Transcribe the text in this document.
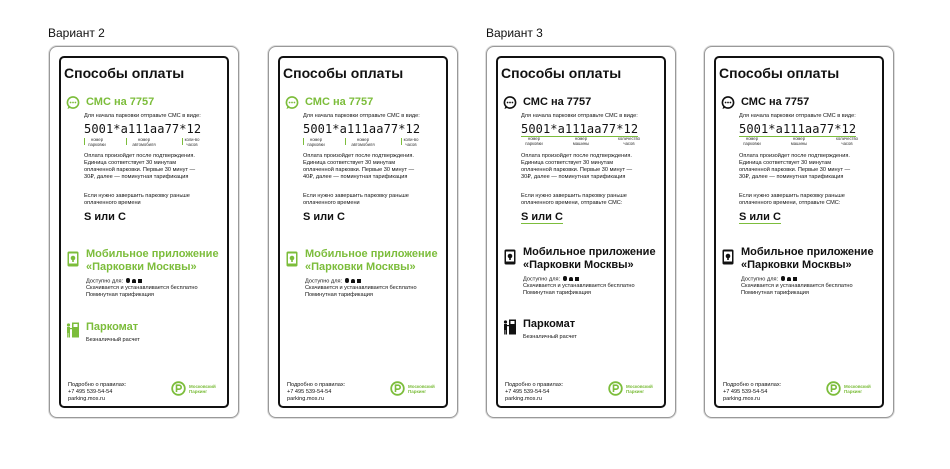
Вариант 2	Вариант 3
Способы оплаты
СМС на 7757
Для начала парковки отправьте СМС в виде:
5001*a111aa77*12
номер
парковки
номер
автомобиля
коли-во
часов
Оплата произойдет после подтверждения.
Единица соответствует 30 минутам
оплаченной парковки. Первые 30 минут —
30₽, далее — поминутная тарификация
Если нужно завершить парковку раньше
оплаченного времени
S или С
Мобильное приложение
«Парковки Москвы»
Доступно для:
Скачивается и устанавливается бесплатно
Поминутная тарификация
Паркомат
Безналичный расчет
Подробно о правилах:
+7 495 539-54-54
parking.mos.ru
Московский
Паркинг
Способы оплаты
СМС на 7757
Для начала парковки отправьте СМС в виде:
5001*a111aa77*12
номер
парковки
номер
автомобиля
коли-во
часов
Оплата произойдет после подтверждения.
Единица соответствует 30 минутам
оплаченной парковки. Первые 30 минут —
40₽, далее — поминутная тарификация
Если нужно завершить парковку раньше
оплаченного времени
S или С
Мобильное приложение
«Парковки Москвы»
Доступно для:
Скачивается и устанавливается бесплатно
Поминутная тарификация
Подробно о правилах:
+7 495 539-54-54
parking.mos.ru
Московский
Паркинг
Способы оплаты
СМС на 7757
Для начала парковки отправьте СМС в виде:
5001*a111aa77*12
номер
парковки
номер
машины
количество
часов
Оплата произойдет после подтверждения.
Единица соответствует 30 минутам
оплаченной парковки. Первые 30 минут —
30₽, далее — поминутная тарификация
Если нужно завершить парковку раньше
оплаченного времени, отправьте СМС:
S или С
Мобильное приложение
«Парковки Москвы»
Доступно для:
Скачивается и устанавливается бесплатно
Поминутная тарификация
Паркомат
Безналичный расчет
Подробно о правилах:
+7 495 539-54-54
parking.mos.ru
Московский
Паркинг
Способы оплаты
СМС на 7757
Для начала парковки отправьте СМС в виде:
5001*a111aa77*12
номер
парковки
номер
машины
количество
часов
Оплата произойдет после подтверждения.
Единица соответствует 30 минутам
оплаченной парковки. Первые 30 минут —
30₽, далее — поминутная тарификация
Если нужно завершить парковку раньше
оплаченного времени, отправьте СМС:
S или С
Мобильное приложение
«Парковки Москвы»
Доступно для:
Скачивается и устанавливается бесплатно
Поминутная тарификация
Подробно о правилах:
+7 495 539-54-54
parking.mos.ru
Московский
Паркинг
